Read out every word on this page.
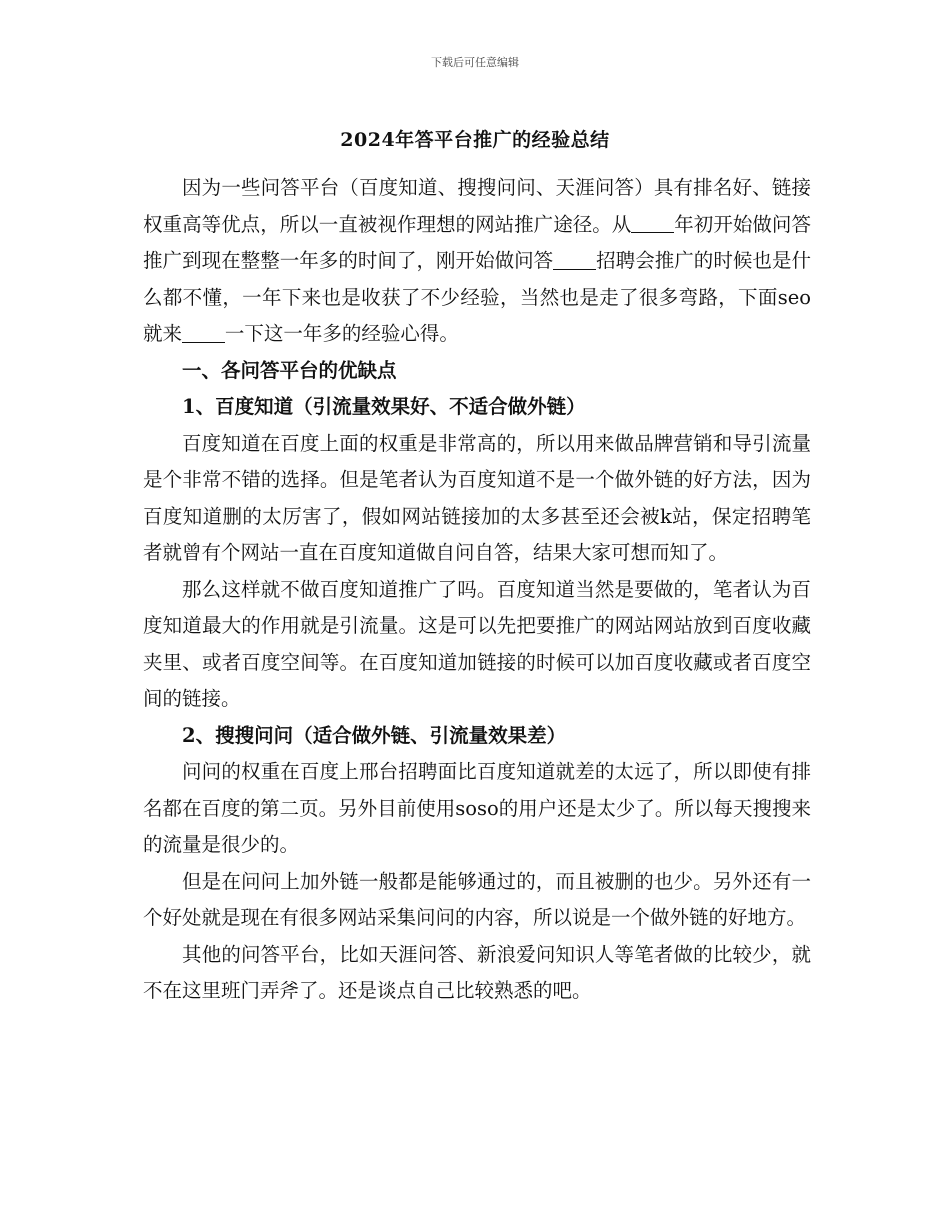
下载后可任意编辑
2024年答平台推广的经验总结

因为一些问答平台（百度知道、搜搜问问、天涯问答）具有排名好、链接权重高等优点，所以一直被视作理想的网站推广途径。从 年初开始做问答推广到现在整整一年多的时间了，刚开始做问答 招聘会推广的时候也是什么都不懂，一年下来也是收获了不少经验，当然也是走了很多弯路，下面seo就来 一下这一年多的经验心得。

一、各问答平台的优缺点

1、百度知道（引流量效果好、不适合做外链）

百度知道在百度上面的权重是非常高的，所以用来做品牌营销和导引流量是个非常不错的选择。但是笔者认为百度知道不是一个做外链的好方法，因为百度知道删的太厉害了，假如网站链接加的太多甚至还会被k站，保定招聘笔者就曾有个网站一直在百度知道做自问自答，结果大家可想而知了。

那么这样就不做百度知道推广了吗。百度知道当然是要做的，笔者认为百度知道最大的作用就是引流量。这是可以先把要推广的网站网站放到百度收藏夹里、或者百度空间等。在百度知道加链接的时候可以加百度收藏或者百度空间的链接。

2、搜搜问问（适合做外链、引流量效果差）

问问的权重在百度上邢台招聘面比百度知道就差的太远了，所以即使有排名都在百度的第二页。另外目前使用soso的用户还是太少了。所以每天搜搜来的流量是很少的。

但是在问问上加外链一般都是能够通过的，而且被删的也少。另外还有一个好处就是现在有很多网站采集问问的内容，所以说是一个做外链的好地方。

其他的问答平台，比如天涯问答、新浪爱问知识人等笔者做的比较少，就不在这里班门弄斧了。还是谈点自己比较熟悉的吧。
